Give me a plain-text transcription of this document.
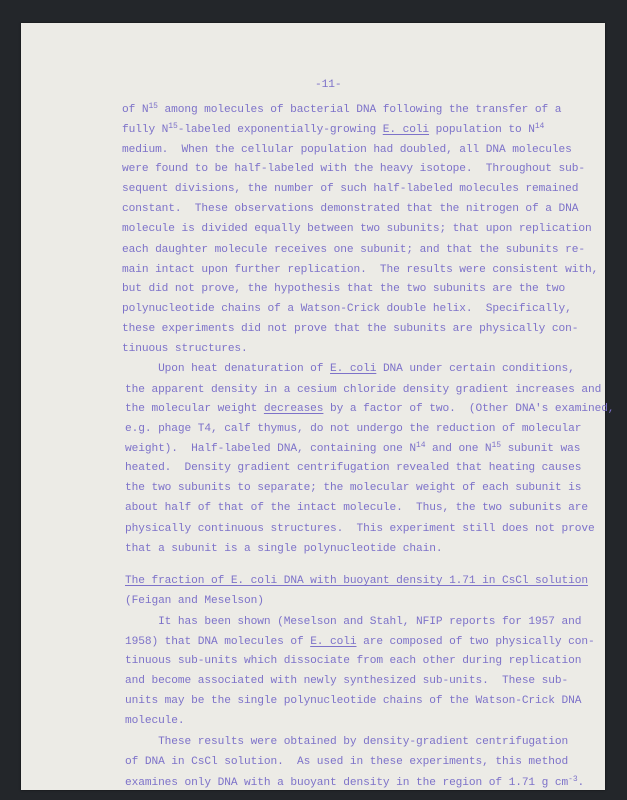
-11-
of $N^{15}$ among molecules of bacterial DNA following the transfer of a
fully $N^{15}$-labeled exponentially-growing E. coli population to $N^{14}$
medium.  When the cellular population had doubled, all DNA molecules
were found to be half-labeled with the heavy isotope.  Throughout sub-
sequent divisions, the number of such half-labeled molecules remained
constant.  These observations demonstrated that the nitrogen of a DNA
molecule is divided equally between two subunits; that upon replication
each daughter molecule receives one subunit; and that the subunits re-
main intact upon further replication.  The results were consistent with,
but did not prove, the hypothesis that the two subunits are the two
polynucleotide chains of a Watson-Crick double helix.  Specifically,
these experiments did not prove that the subunits are physically con-
tinuous structures.
Upon heat denaturation of E. coli DNA under certain conditions,
the apparent density in a cesium chloride density gradient increases and
the molecular weight decreases by a factor of two.  (Other DNA's examined,
e.g. phage T4, calf thymus, do not undergo the reduction of molecular
weight).  Half-labeled DNA, containing one $N^{14}$ and one $N^{15}$ subunit was
heated.  Density gradient centrifugation revealed that heating causes
the two subunits to separate; the molecular weight of each subunit is
about half of that of the intact molecule.  Thus, the two subunits are
physically continuous structures.  This experiment still does not prove
that a subunit is a single polynucleotide chain.
The fraction of E. coli DNA with buoyant density 1.71 in CsCl solution
(Feigan and Meselson)
It has been shown (Meselson and Stahl, NFIP reports for 1957 and
1958) that DNA molecules of E. coli are composed of two physically con-
tinuous sub-units which dissociate from each other during replication
and become associated with newly synthesized sub-units.  These sub-
units may be the single polynucleotide chains of the Watson-Crick DNA
molecule.
These results were obtained by density-gradient centrifugation
of DNA in CsCl solution.  As used in these experiments, this method
examines only DNA with a buoyant density in the region of 1.71 g $cm^{-3}$.
